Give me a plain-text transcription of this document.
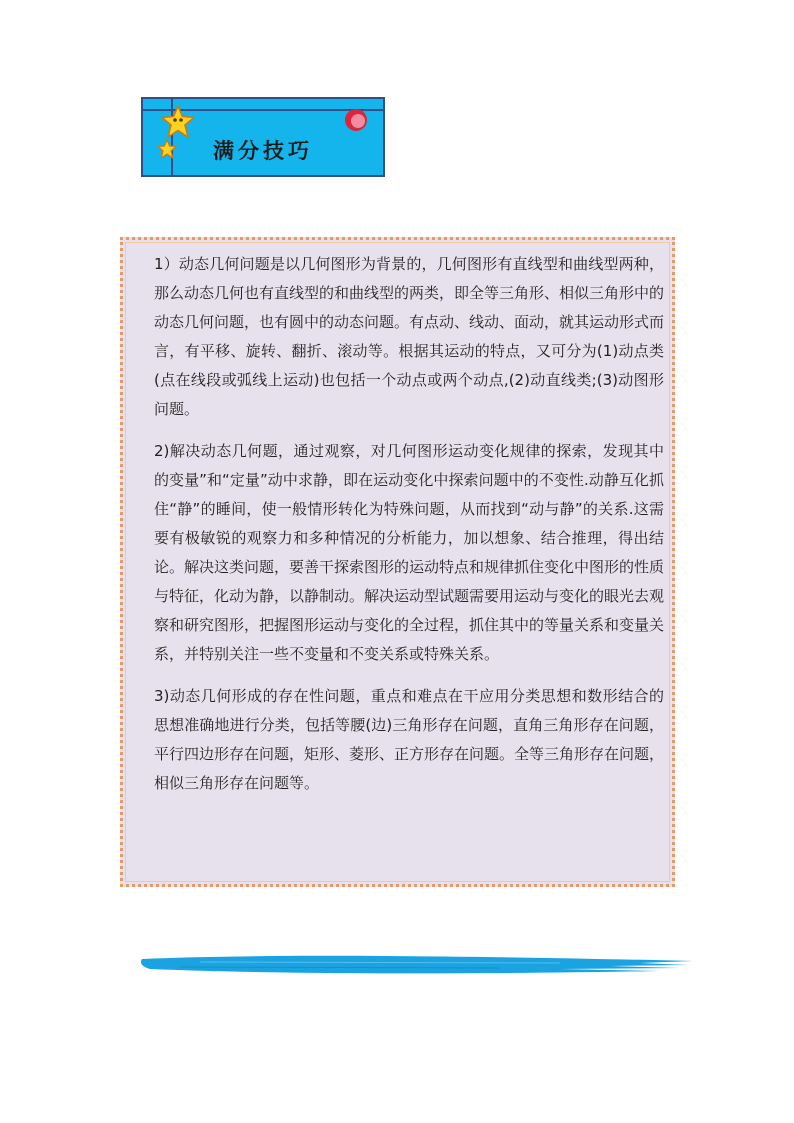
满分技巧

1）动态几何问题是以几何图形为背景的，几何图形有直线型和曲线型两种，那么动态几何也有直线型的和曲线型的两类，即全等三角形、相似三角形中的动态几何问题，也有圆中的动态问题。有点动、线动、面动，就其运动形式而言，有平移、旋转、翻折、滚动等。根据其运动的特点，又可分为(1)动点类(点在线段或弧线上运动)也包括一个动点或两个动点,(2)动直线类;(3)动图形问题。

2)解决动态几何题，通过观察，对几何图形运动变化规律的探索，发现其中的变量”和“定量”动中求静，即在运动变化中探索问题中的不变性.动静互化抓住“静”的睡间，使一般情形转化为特殊问题，从而找到“动与静”的关系.这需要有极敏锐的观察力和多种情况的分析能力，加以想象、结合推理，得出结论。解决这类问题，要善干探索图形的运动特点和规律抓住变化中图形的性质与特征，化动为静，以静制动。解决运动型试题需要用运动与变化的眼光去观察和研究图形，把握图形运动与变化的全过程，抓住其中的等量关系和变量关系，并特别关注一些不变量和不变关系或特殊关系。

3)动态几何形成的存在性问题，重点和难点在干应用分类思想和数形结合的思想准确地进行分类，包括等腰(边)三角形存在问题，直角三角形存在问题，平行四边形存在问题，矩形、菱形、正方形存在问题。全等三角形存在问题，相似三角形存在问题等。
